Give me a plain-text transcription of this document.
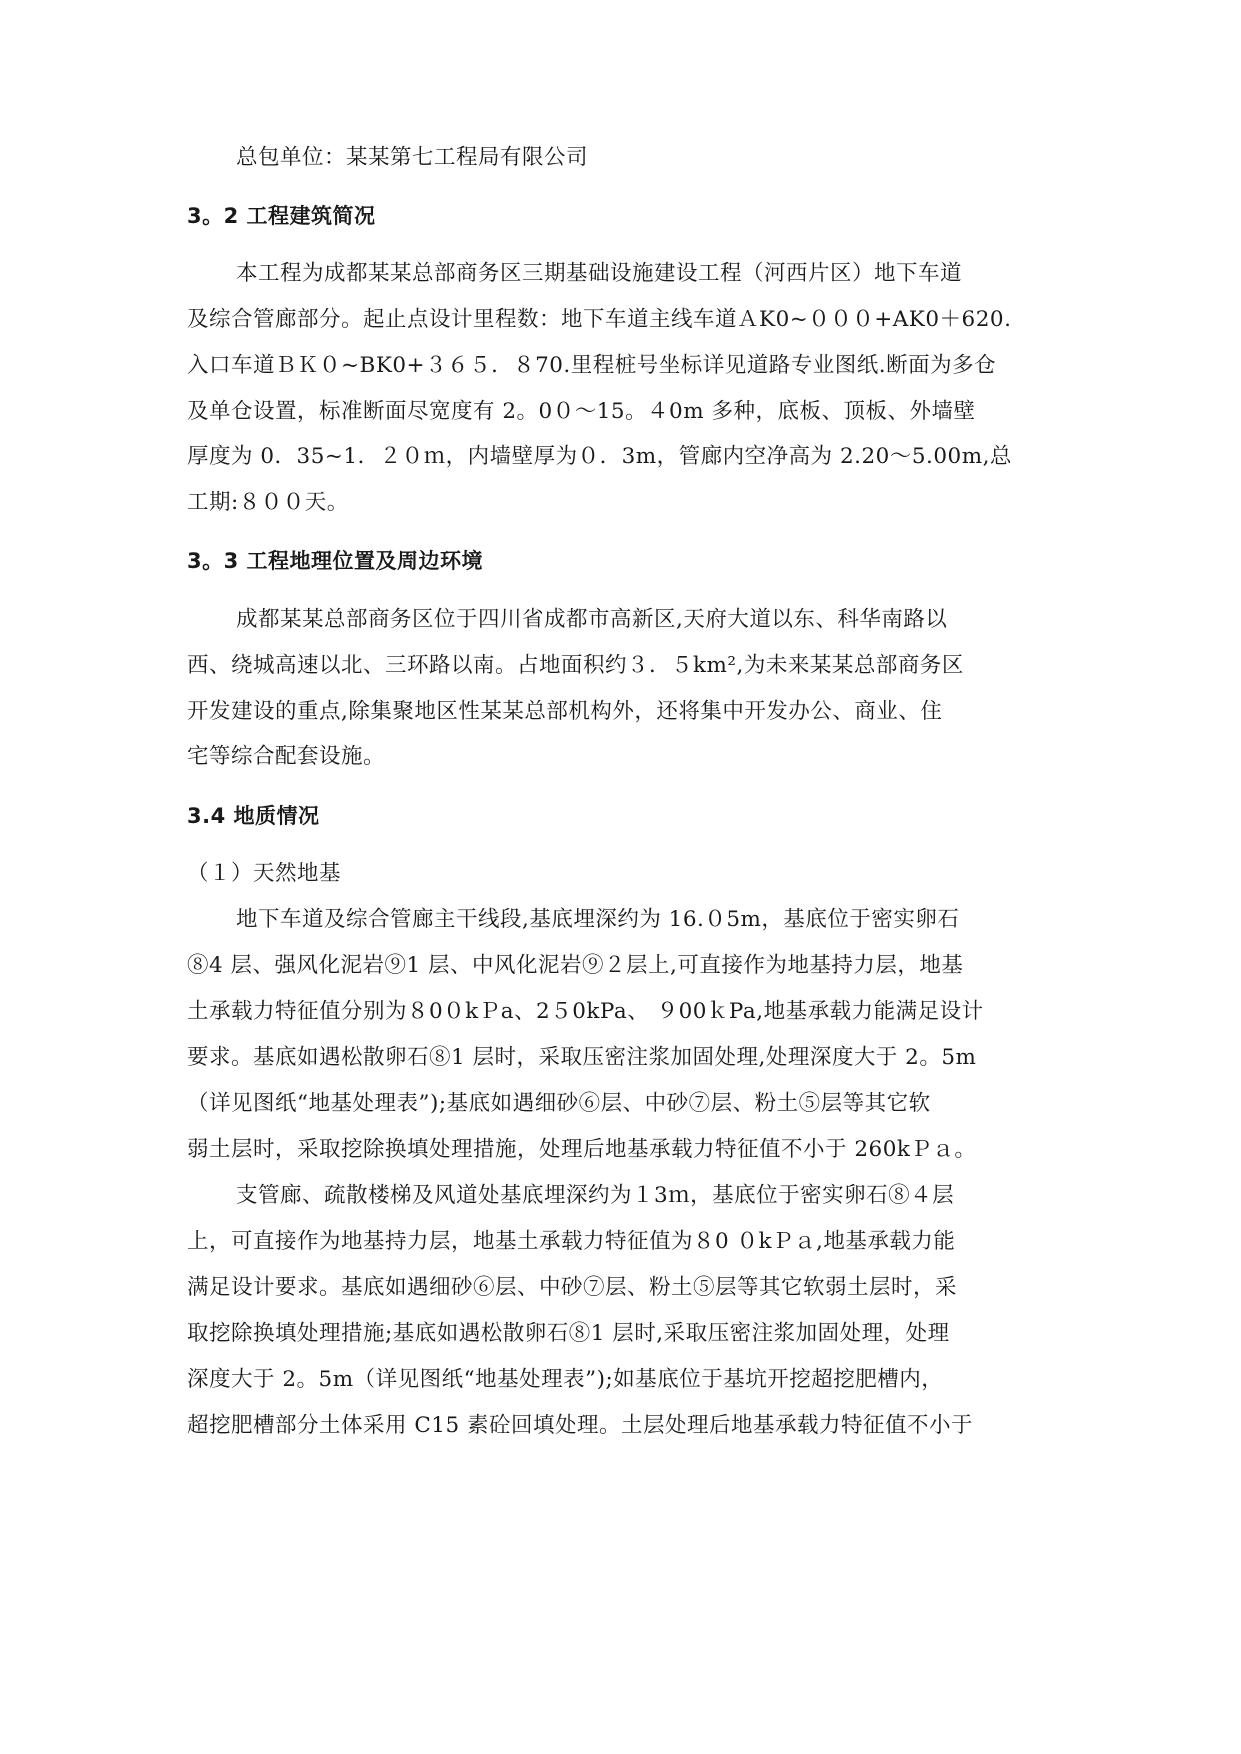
总包单位：某某第七工程局有限公司
3。2 工程建筑简况
本工程为成都某某总部商务区三期基础设施建设工程（河西片区）地下车道
及综合管廊部分。起止点设计里程数：地下车道主线车道ＡK0~０００+AK0＋620.
入口车道ＢＫ０~BK0+３６５．８70.里程桩号坐标详见道路专业图纸.断面为多仓
及单仓设置，标准断面尽宽度有 2。0０～15。４0m 多种，底板、顶板、外墙壁
厚度为 0．35~1．２０ｍ，内墙壁厚为０．3m，管廊内空净高为 2.20～5.00m,总
工期:８００天。
3。3 工程地理位置及周边环境
成都某某总部商务区位于四川省成都市高新区,天府大道以东、科华南路以
西、绕城高速以北、三环路以南。占地面积约３．５km²,为未来某某总部商务区
开发建设的重点,除集聚地区性某某总部机构外，还将集中开发办公、商业、住
宅等综合配套设施。
3.4 地质情况
（１）天然地基
地下车道及综合管廊主干线段,基底埋深约为 16.０5m，基底位于密实卵石
⑧4 层、强风化泥岩⑨1 层、中风化泥岩⑨２层上,可直接作为地基持力层，地基
土承载力特征值分别为８0０kＰa、2５0kPa、 ９00ｋPa,地基承载力能满足设计
要求。基底如遇松散卵石⑧1 层时，采取压密注浆加固处理,处理深度大于 2。5m
（详见图纸“地基处理表”);基底如遇细砂⑥层、中砂⑦层、粉土⑤层等其它软
弱土层时，采取挖除换填处理措施，处理后地基承载力特征值不小于 260kＰａ。
支管廊、疏散楼梯及风道处基底埋深约为１3ｍ，基底位于密实卵石⑧４层
上，可直接作为地基持力层，地基土承载力特征值为８0 ０kＰａ,地基承载力能
满足设计要求。基底如遇细砂⑥层、中砂⑦层、粉土⑤层等其它软弱土层时，采
取挖除换填处理措施;基底如遇松散卵石⑧1 层时,采取压密注浆加固处理，处理
深度大于 2。5m（详见图纸“地基处理表”);如基底位于基坑开挖超挖肥槽内，
超挖肥槽部分土体采用 C15 素砼回填处理。土层处理后地基承载力特征值不小于
